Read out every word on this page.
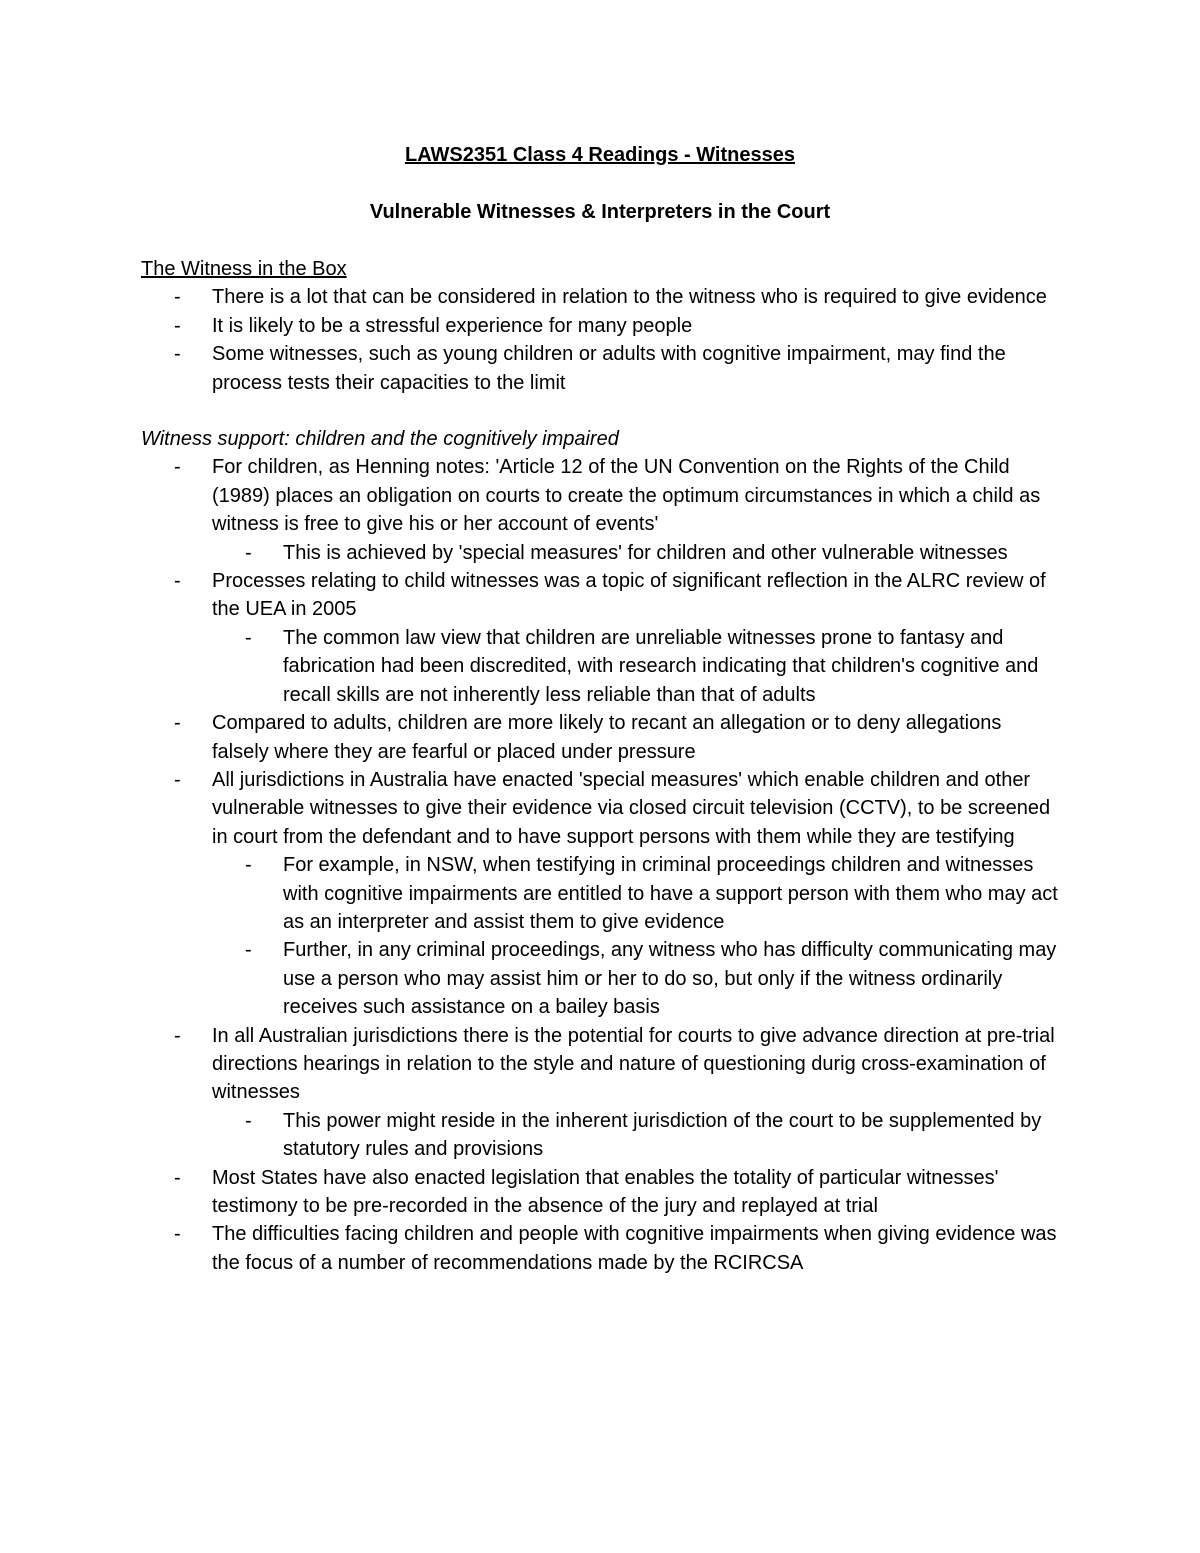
LAWS2351 Class 4 Readings - Witnesses
Vulnerable Witnesses & Interpreters in the Court
The Witness in the Box
- There is a lot that can be considered in relation to the witness who is required to give evidence
- It is likely to be a stressful experience for many people
- Some witnesses, such as young children or adults with cognitive impairment, may find the process tests their capacities to the limit
Witness support: children and the cognitively impaired
- For children, as Henning notes: 'Article 12 of the UN Convention on the Rights of the Child (1989) places an obligation on courts to create the optimum circumstances in which a child as witness is free to give his or her account of events'
- This is achieved by 'special measures' for children and other vulnerable witnesses
- Processes relating to child witnesses was a topic of significant reflection in the ALRC review of the UEA in 2005
- The common law view that children are unreliable witnesses prone to fantasy and fabrication had been discredited, with research indicating that children's cognitive and recall skills are not inherently less reliable than that of adults
- Compared to adults, children are more likely to recant an allegation or to deny allegations falsely where they are fearful or placed under pressure
- All jurisdictions in Australia have enacted 'special measures' which enable children and other vulnerable witnesses to give their evidence via closed circuit television (CCTV), to be screened in court from the defendant and to have support persons with them while they are testifying
- For example, in NSW, when testifying in criminal proceedings children and witnesses with cognitive impairments are entitled to have a support person with them who may act as an interpreter and assist them to give evidence
- Further, in any criminal proceedings, any witness who has difficulty communicating may use a person who may assist him or her to do so, but only if the witness ordinarily receives such assistance on a bailey basis
- In all Australian jurisdictions there is the potential for courts to give advance direction at pre-trial directions hearings in relation to the style and nature of questioning durig cross-examination of witnesses
- This power might reside in the inherent jurisdiction of the court to be supplemented by statutory rules and provisions
- Most States have also enacted legislation that enables the totality of particular witnesses' testimony to be pre-recorded in the absence of the jury and replayed at trial
- The difficulties facing children and people with cognitive impairments when giving evidence was the focus of a number of recommendations made by the RCIRCSA
